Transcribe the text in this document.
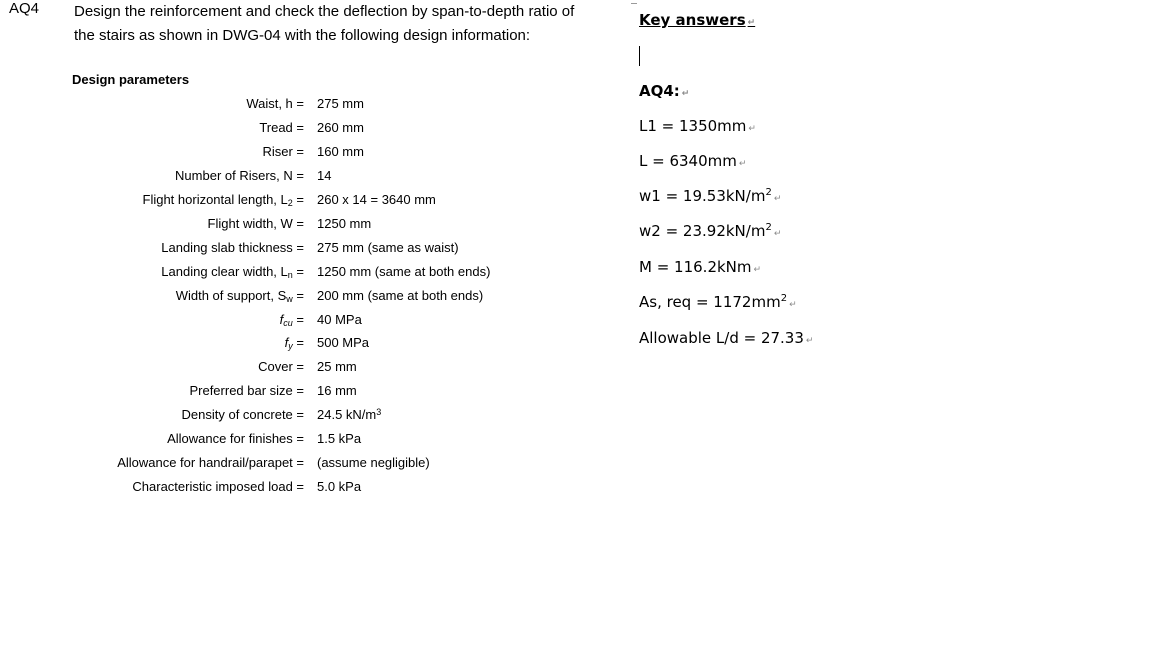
AQ4 Design the reinforcement and check the deflection by span-to-depth ratio of
the stairs as shown in DWG-04 with the following design information:
Design parameters
Waist, h = 275 mm
Tread = 260 mm
Riser = 160 mm
Number of Risers, N = 14
Flight horizontal length, $L_2 = 260$ x 14 = 3640 mm
Flight width, W = 1250 mm
Landing slab thickness = 275 mm (same as waist)
Landing clear width, $L_n = 1250$ mm (same at both ends)
Width of support, $S_w = 200$ mm (same at both ends)
$f_{cu} = 40$ MPa
$f_y = 500$ MPa
Cover = 25 mm
Preferred bar size = 16 mm
Density of concrete = 24.5 $kN/m^3$
Allowance for finishes = 1.5 kPa
Allowance for handrail/parapet = (assume negligible)
Characteristic imposed load = 5.0 kPa
Key answers ↵
AQ4: ↵
L1 = 1350mm ↵
L = 6340mm ↵
$w1 = 19.53kN/m^2↵$
$w2 = 23.92kN/m^2↵$
M = 116.2kNm ↵
As, req = $1172mm^2↵$
Allowable L/d = 27.33 ↵
